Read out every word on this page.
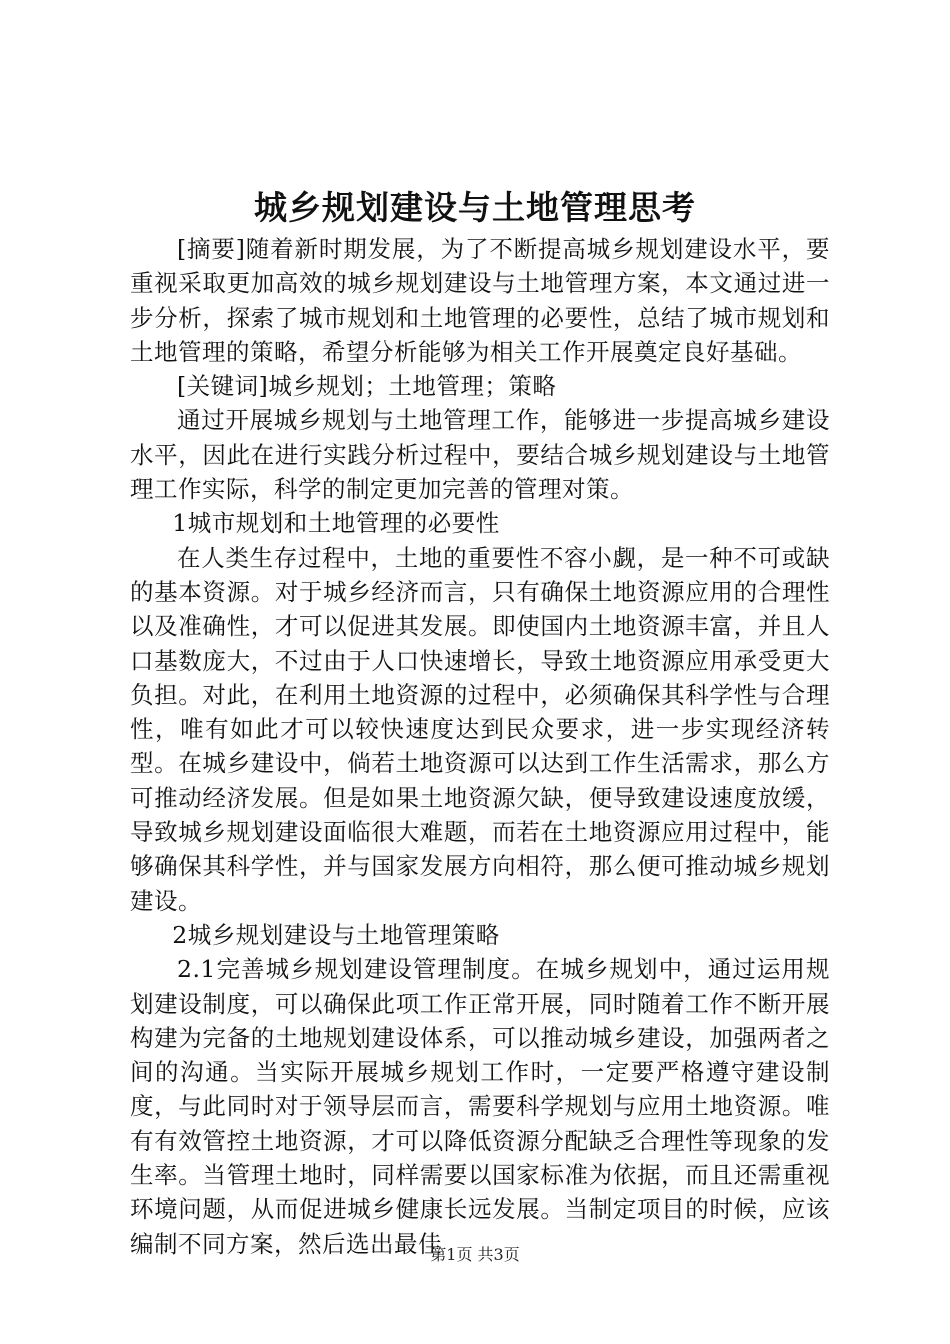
城乡规划建设与土地管理思考

[摘要]随着新时期发展，为了不断提高城乡规划建设水平，要重视采取更加高效的城乡规划建设与土地管理方案，本文通过进一步分析，探索了城市规划和土地管理的必要性，总结了城市规划和土地管理的策略，希望分析能够为相关工作开展奠定良好基础。

[关键词]城乡规划；土地管理；策略

通过开展城乡规划与土地管理工作，能够进一步提高城乡建设水平，因此在进行实践分析过程中，要结合城乡规划建设与土地管理工作实际，科学的制定更加完善的管理对策。

1城市规划和土地管理的必要性

在人类生存过程中，土地的重要性不容小觑，是一种不可或缺的基本资源。对于城乡经济而言，只有确保土地资源应用的合理性以及准确性，才可以促进其发展。即使国内土地资源丰富，并且人口基数庞大，不过由于人口快速增长，导致土地资源应用承受更大负担。对此，在利用土地资源的过程中，必须确保其科学性与合理性，唯有如此才可以较快速度达到民众要求，进一步实现经济转型。在城乡建设中，倘若土地资源可以达到工作生活需求，那么方可推动经济发展。但是如果土地资源欠缺，便导致建设速度放缓，导致城乡规划建设面临很大难题，而若在土地资源应用过程中，能够确保其科学性，并与国家发展方向相符，那么便可推动城乡规划建设。

2城乡规划建设与土地管理策略

2.1完善城乡规划建设管理制度。在城乡规划中，通过运用规划建设制度，可以确保此项工作正常开展，同时随着工作不断开展构建为完备的土地规划建设体系，可以推动城乡建设，加强两者之间的沟通。当实际开展城乡规划工作时，一定要严格遵守建设制度，与此同时对于领导层而言，需要科学规划与应用土地资源。唯有有效管控土地资源，才可以降低资源分配缺乏合理性等现象的发生率。当管理土地时，同样需要以国家标准为依据，而且还需重视环境问题，从而促进城乡健康长远发展。当制定项目的时候，应该编制不同方案，然后选出最佳

第1页 共3页
